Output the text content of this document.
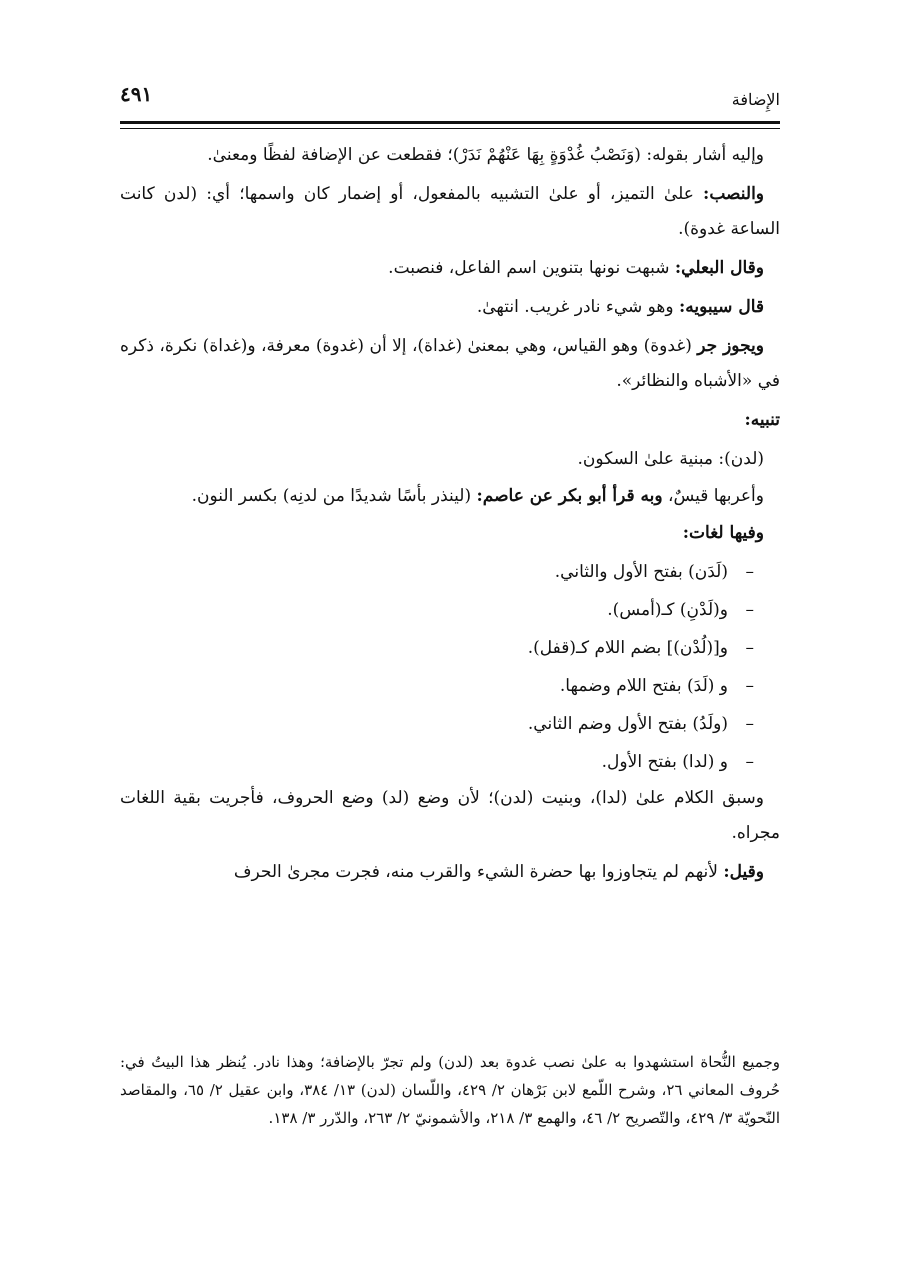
الإِضافة
٤٩١

وإليه أشار بقوله: (وَنَصْبُ غُدْوَةٍ بِهَا عَنْهُمْ نَدَرْ)؛ فقطعت عن الإضافة لفظًا ومعنىٰ.

والنصب: علىٰ التميز، أو علىٰ التشبيه بالمفعول، أو إضمار كان واسمها؛ أي: (لدن كانت الساعة غدوة).

وقال البعلي: شبهت نونها بتنوين اسم الفاعل، فنصبت.

قال سيبويه: وهو شيء نادر غريب. انتهىٰ.

ويجوز جر (غدوة) وهو القياس، وهي بمعنىٰ (غداة)، إلا أن (غدوة) معرفة، و(غداة) نكرة، ذكره في «الأشباه والنظائر».

تنبيه:

(لدن): مبنية علىٰ السكون.

وأعربها قيسٌ، وبه قرأ أبو بكر عن عاصم: (لينذر بأسًا شديدًا من لدنِه) بكسر النون.

وفيها لغات:

–(لَدَن) بفتح الأول والثاني.
–و(لَدْنِ) كـ(أمس).
–و[(لُدْن)] بضم اللام كـ(قفل).
–و (لَدَ) بفتح اللام وضمها.
–(ولَدُ) بفتح الأول وضم الثاني.
–و (لدا) بفتح الأول.

وسبق الكلام علىٰ (لدا)، وبنيت (لدن)؛ لأن وضع (لد) وضع الحروف، فأجريت بقية اللغات مجراه.

وقيل: لأنهم لم يتجاوزوا بها حضرة الشيء والقرب منه، فجرت مجرىٰ الحرف

وجميع النُّحاة استشهدوا به علىٰ نصب غدوة بعد (لدن) ولم تجرّ بالإضافة؛ وهذا نادر. يُنظر هذا البيتُ في: حُروف المعاني ٢٦، وشرح اللّمع لابن بَرْهان ٢/ ٤٢٩، واللّسان (لدن) ١٣/ ٣٨٤، وابن عقيل ٢/ ٦٥، والمقاصد النّحويّة ٣/ ٤٢٩، والتّصريح ٢/ ٤٦، والهمع ٣/ ٢١٨، والأشمونيّ ٢/ ٢٦٣، والدّرر ٣/ ١٣٨.
